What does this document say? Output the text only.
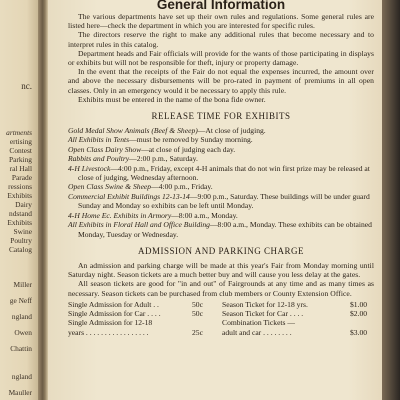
nc.
artments
ertising
Contest
Parking
ral Hall
Parade
ressions
Exhibits
Dairy
ndstand
Exhibits
Swine
Poultry
Catalog
Miller
ge Neff
ngland
Owen
Chattin
ngland
Mauller
General Information

The various departments have set up their own rules and regulations. Some general rules are listed here—check the department in which you are interested for specific rules.

The directors reserve the right to make any additional rules that become necessary and to interpret rules in this catalog.

Department heads and Fair officials will provide for the wants of those participating in displays or exhibits but will not be responsible for theft, injury or property damage.

In the event that the receipts of the Fair do not equal the expenses incurred, the amount over and above the necessary disbursements will be pro-rated in payment of premiums in all open classes. Only in an emergency would it be necessary to apply this rule.

Exhibits must be entered in the name of the bona fide owner.

RELEASE TIME FOR EXHIBITS
Gold Medal Show Animals (Beef & Sheep)—At close of judging.
All Exhibits in Tents—must be removed by Sunday morning.
Open Class Dairy Show—at close of judging each day.
Rabbits and Poultry—2:00 p.m., Saturday.
4-H Livestock—4:00 p.m., Friday, except 4-H animals that do not win first prize may be released at close of judging, Wednesday afternoon.
Open Class Swine & Sheep—4:00 p.m., Friday.
Commercial Exhibit Buildings 12-13-14—9:00 p.m., Saturday. These buildings will be under guard Sunday and Monday so exhibits can be left until Monday.
4-H Home Ec. Exhibits in Armory—8:00 a.m., Monday.
All Exhibits in Floral Hall and Office Building—8:00 a.m., Monday. These exhibits can be obtained Monday, Tuesday or Wednesday.
ADMISSION AND PARKING CHARGE

An admission and parking charge will be made at this year's Fair from Monday morning until Saturday night. Season tickets are a much better buy and will cause you less delay at the gates.

All season tickets are good for "in and out" of Fairgrounds at any time and as many times as necessary. Season tickets can be purchased from club members or County Extension Office.

Single Admission for Adult . .	50c
Single Admission for Car . . . .	50c
Single Admission for 12-18
years . . . . . . . . . . . . . . . . .	25c
Season Ticket for 12-18 yrs.	$1.00
Season Ticket for Car . . . .	$2.00
Combination Tickets —
adult and car . . . . . . . .	$3.00
